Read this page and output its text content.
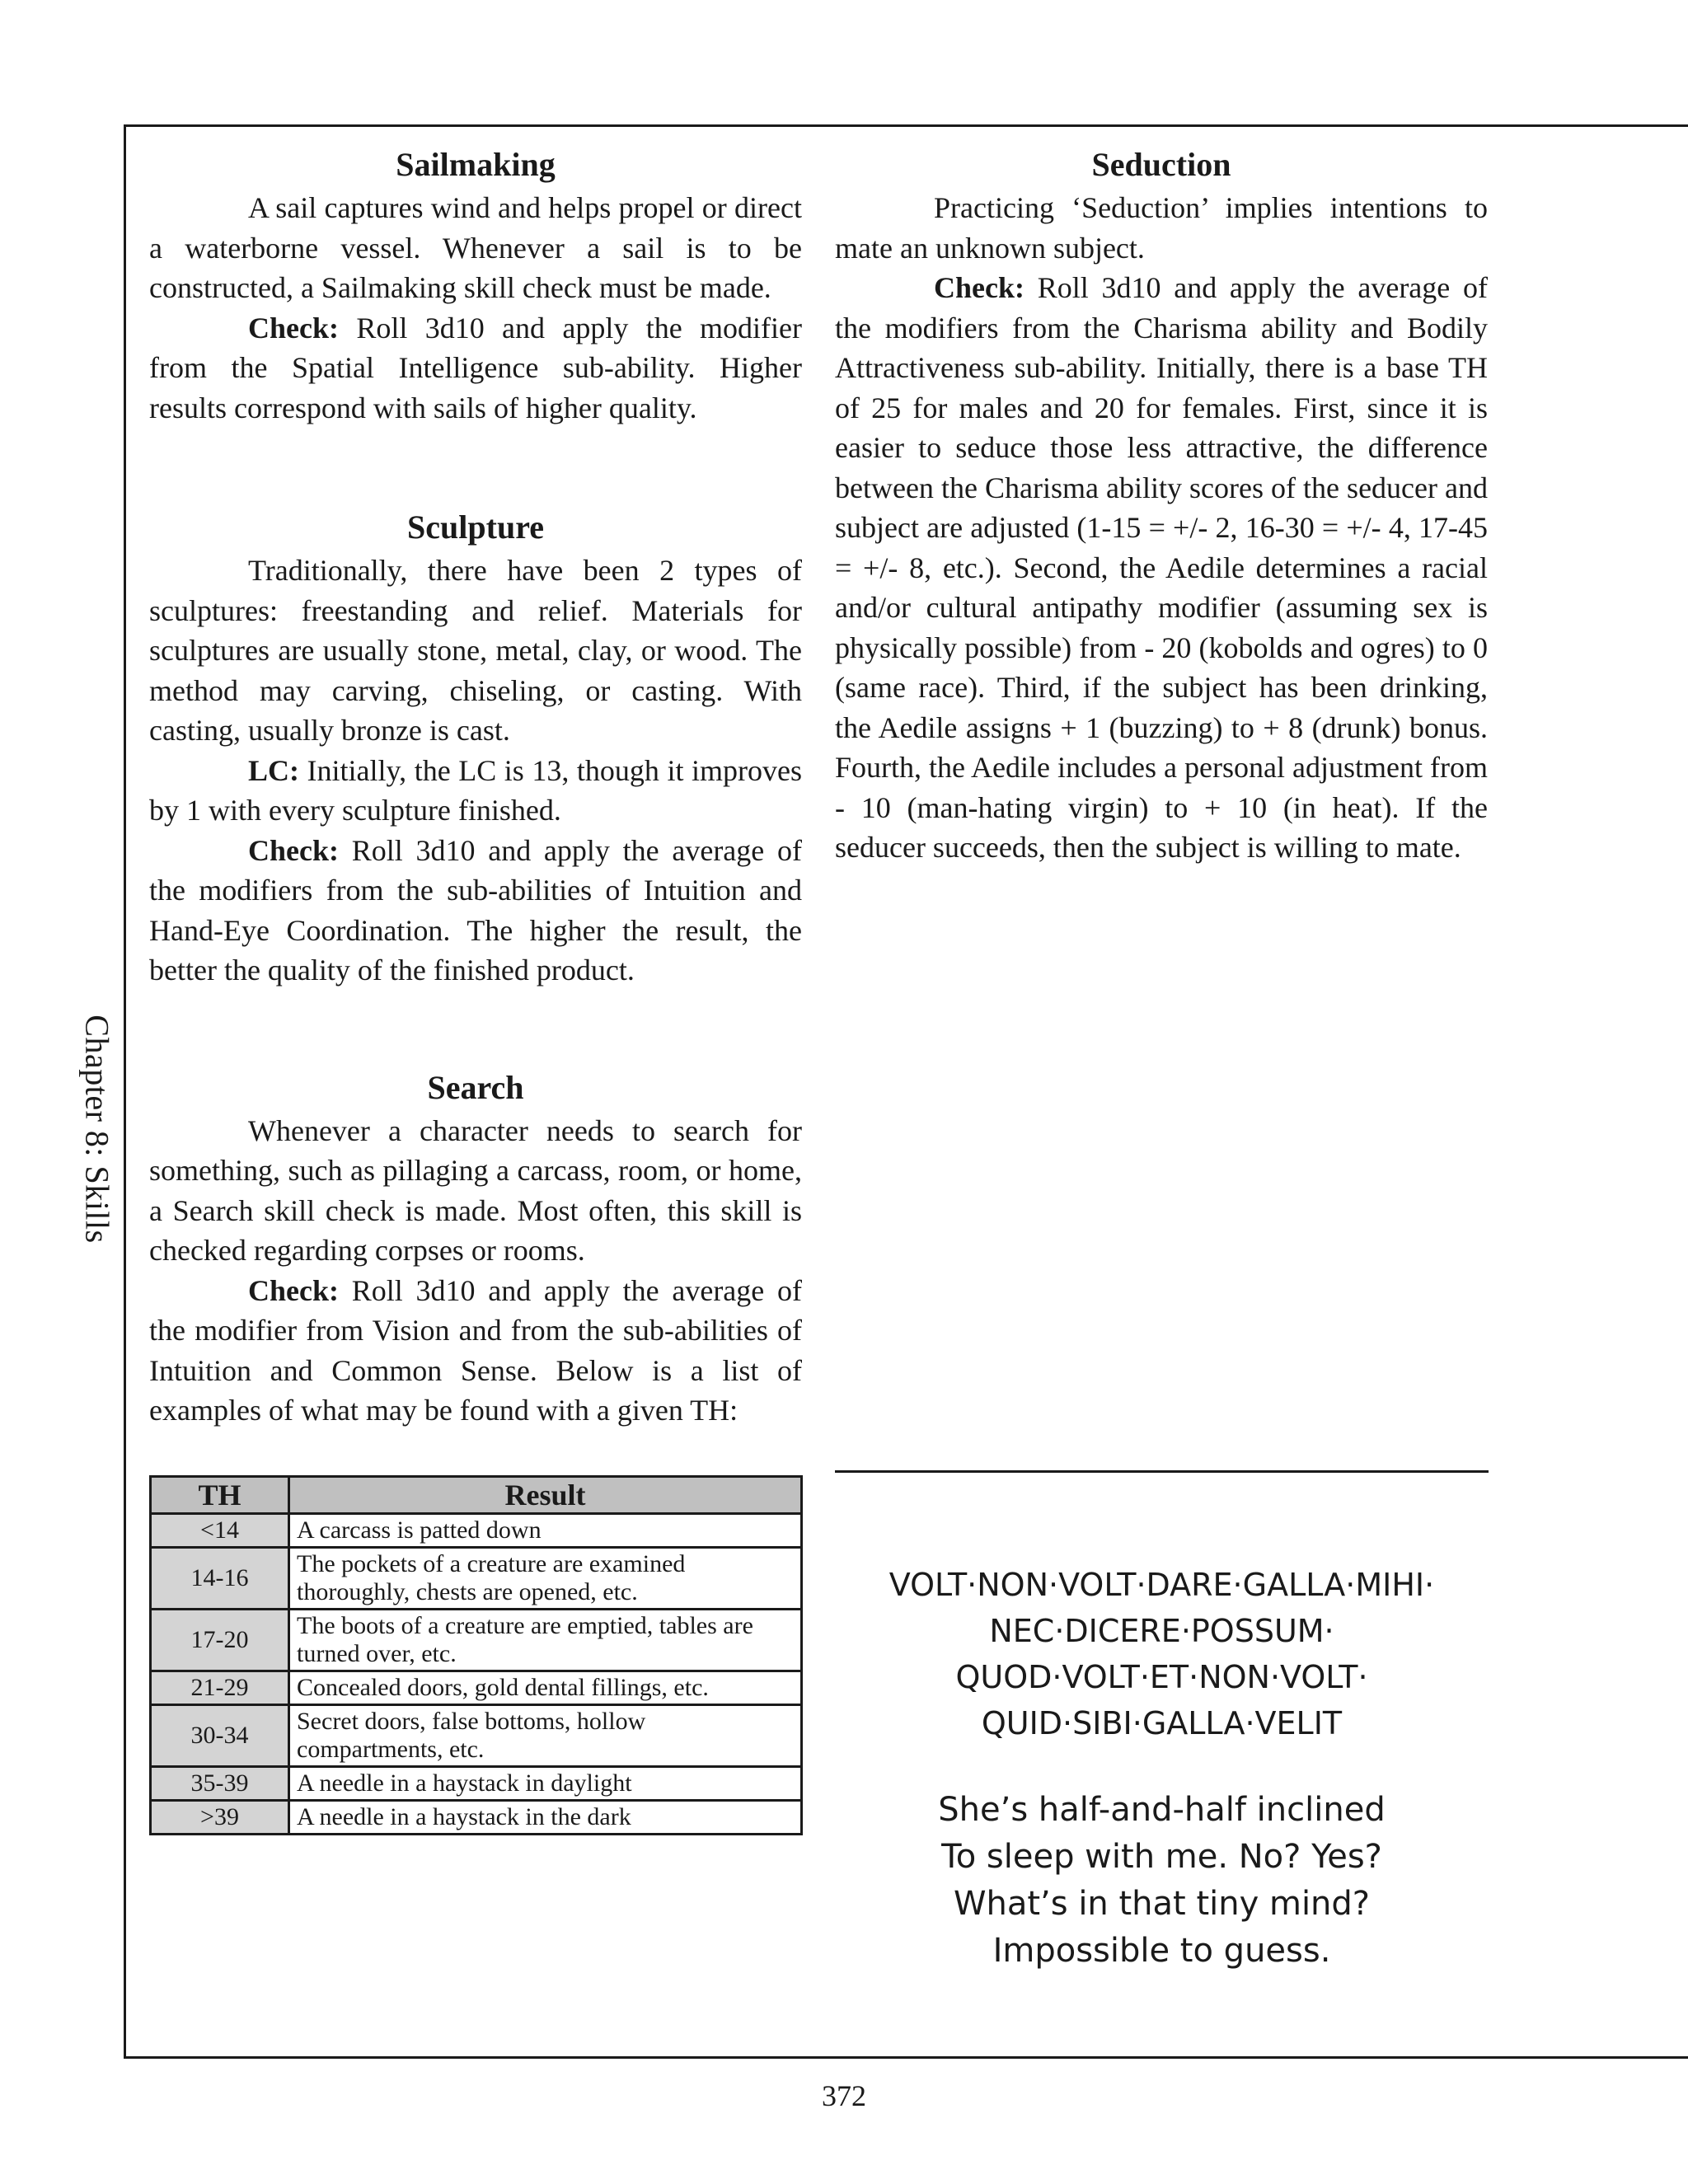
Chapter 8: Skills
Sailmaking

A sail captures wind and helps propel or direct a waterborne vessel. Whenever a sail is to be constructed, a Sailmaking skill check must be made.

Check: Roll 3d10 and apply the modifier from the Spatial Intelligence sub-ability. Higher results correspond with sails of higher quality.

Sculpture

Traditionally, there have been 2 types of sculptures: freestanding and relief. Materials for sculptures are usually stone, metal, clay, or wood. The method may carving, chiseling, or casting. With casting, usually bronze is cast.

LC: Initially, the LC is 13, though it improves by 1 with every sculpture finished.

Check: Roll 3d10 and apply the average of the modifiers from the sub-abilities of Intuition and Hand-Eye Coordination. The higher the result, the better the quality of the finished product.

Search

Whenever a character needs to search for something, such as pillaging a carcass, room, or home, a Search skill check is made. Most often, this skill is checked regarding corpses or rooms.

Check: Roll 3d10 and apply the average of the modifier from Vision and from the sub-abilities of Intuition and Common Sense. Below is a list of examples of what may be found with a given TH:

TH	Result
<14	A carcass is patted down
14-16	The pockets of a creature are examined thoroughly, chests are opened, etc.
17-20	The boots of a creature are emptied, tables are turned over, etc.
21-29	Concealed doors, gold dental fillings, etc.
30-34	Secret doors, false bottoms, hollow compartments, etc.
35-39	A needle in a haystack in daylight
>39	A needle in a haystack in the dark
Seduction

Practicing ‘Seduction’ implies intentions to mate an unknown subject.

Check: Roll 3d10 and apply the average of the modifiers from the Charisma ability and Bodily Attractiveness sub-ability. Initially, there is a base TH of 25 for males and 20 for females. First, since it is easier to seduce those less attractive, the difference between the Charisma ability scores of the seducer and subject are adjusted (1-15 = +/- 2, 16-30 = +/- 4, 17-45 = +/- 8, etc.). Second, the Aedile determines a racial and/or cultural antipathy modifier (assuming sex is physically possible) from - 20 (kobolds and ogres) to 0 (same race). Third, if the subject has been drinking, the Aedile assigns + 1 (buzzing) to + 8 (drunk) bonus. Fourth, the Aedile includes a personal adjustment from - 10 (man-hating virgin) to + 10 (in heat). If the seducer succeeds, then the subject is willing to mate.

VOLT·NON·VOLT·DARE·GALLA·MIHI·
NEC·DICERE·POSSUM·
QUOD·VOLT·ET·NON·VOLT·
QUID·SIBI·GALLA·VELIT
She’s half-and-half inclined
To sleep with me. No? Yes?
What’s in that tiny mind?
Impossible to guess.
372
